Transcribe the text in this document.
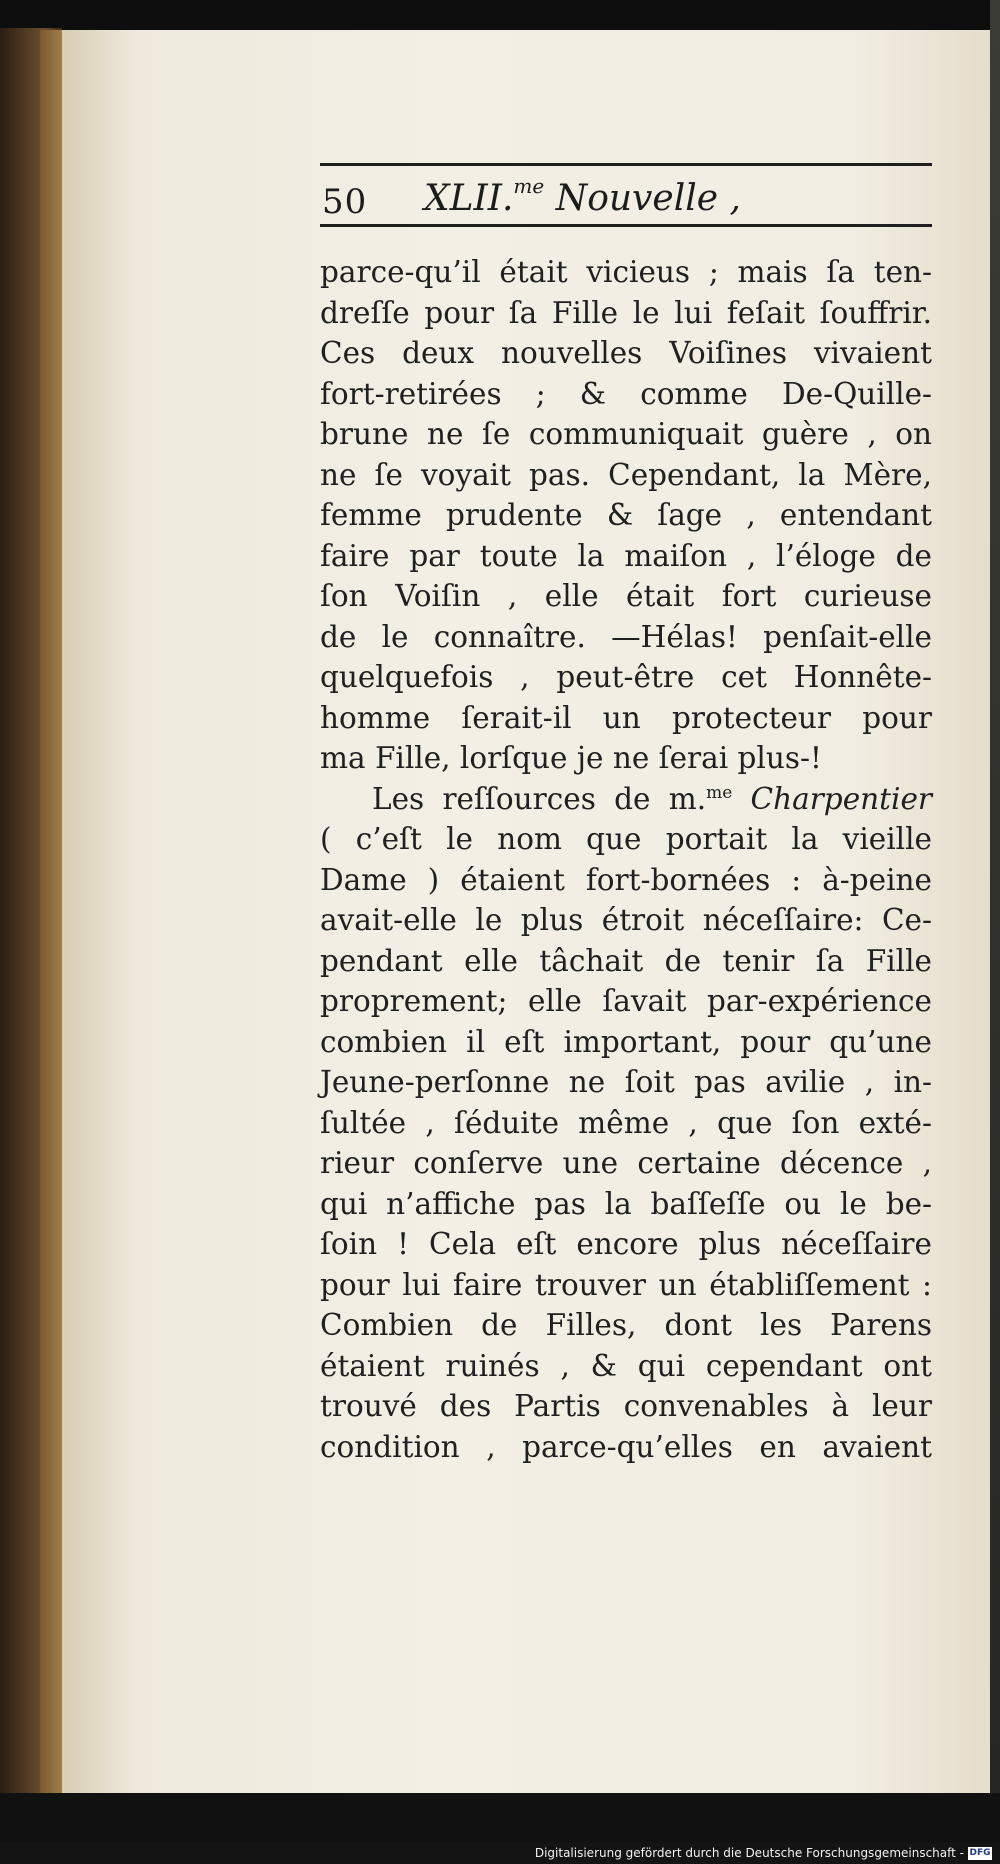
50 XLII.$^{me}$ Nouvelle ,
parce-qu’il était vicieus ; mais ſa ten-
dreſſe pour ſa Fille le lui feſait ſouffrir.
Ces deux nouvelles Voiſines vivaient
fort-retirées ; & comme De-Quille-
brune ne ſe communiquait guère , on
ne ſe voyait pas. Cependant, la Mère,
femme prudente & ſage , entendant
faire par toute la maiſon , l’éloge de
ſon Voiſin , elle était fort curieuse
de le connaître. —Hélas! penſait-elle
quelquefois , peut-être cet Honnête-
homme ſerait-il un protecteur pour
ma Fille, lorſque je ne ſerai plus-!
Les reſſources de m.$^{me}$ Charpentier
( c’eſt le nom que portait la vieille
Dame ) étaient fort-bornées : à-peine
avait-elle le plus étroit néceſſaire: Ce-
pendant elle tâchait de tenir ſa Fille
proprement; elle ſavait par-expérience
combien il eſt important, pour qu’une
Jeune-perſonne ne ſoit pas avilie , in-
ſultée , ſéduite même , que ſon exté-
rieur conſerve une certaine décence ,
qui n’affiche pas la baſſeſſe ou le be-
ſoin ! Cela eſt encore plus néceſſaire
pour lui faire trouver un établiſſement :
Combien de Filles, dont les Parens
étaient ruinés , & qui cependant ont
trouvé des Partis convenables à leur
condition , parce-qu’elles en avaient
Digitalisierung gefördert durch die Deutsche Forschungsgemeinschaft - DFG
